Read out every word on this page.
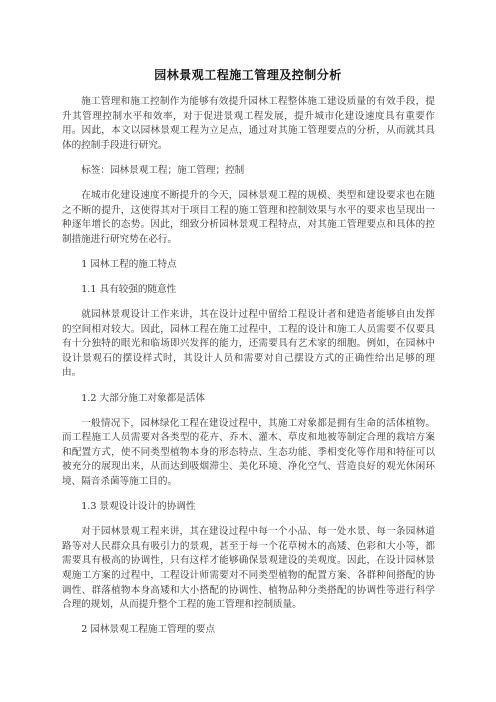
园林景观工程施工管理及控制分析

施工管理和施工控制作为能够有效提升园林工程整体施工建设质量的有效手段，提升其管理控制水平和效率，对于促进景观工程发展，提升城市化建设速度具有重要作用。因此，本文以园林景观工程为立足点，通过对其施工管理要点的分析，从而就其具体的控制手段进行研究。

标签：园林景观工程；施工管理；控制

在城市化建设速度不断提升的今天，园林景观工程的规模、类型和建设要求也在随之不断的提升，这使得其对于项目工程的施工管理和控制效果与水平的要求也呈现出一种逐年增长的态势。因此，细致分析园林景观工程特点，对其施工管理要点和具体的控制措施进行研究势在必行。

1 园林工程的施工特点

1.1 具有较强的随意性

就园林景观设计工作来讲，其在设计过程中留给工程设计者和建造者能够自由发挥的空间相对较大。因此，园林工程在施工过程中，工程的设计和施工人员需要不仅要具有十分独特的眼光和临场即兴发挥的能力，还需要具有艺术家的细胞。例如，在园林中设计景观石的摆设样式时，其设计人员和需要对自己摆设方式的正确性给出足够的理由。

1.2 大部分施工对象都是活体

一般情况下，园林绿化工程在建设过程中，其施工对象都是拥有生命的活体植物。而工程施工人员需要对各类型的花卉、乔木、灌木、草皮和地被等制定合理的栽培方案和配置方式，使不同类型植物本身的形态特点、生态功能、季相变化等作用和特征可以被充分的展现出来，从而达到吸烟滞尘、美化环境、净化空气、营造良好的观光休闲环境、隔音杀菌等施工目的。

1.3 景观设计设计的协调性

对于园林景观工程来讲，其在建设过程中每一个小品、每一处水景、每一条园林道路等对人民群众具有吸引力的景观，甚至于每一个花草树木的高矮、色彩和大小等，都需要具有极高的协调性，只有这样才能够确保景观建设的美观度。因此，在设计园林景观施工方案的过程中，工程设计师需要对不同类型植物的配置方案、各群种间搭配的协调性、群落植物本身高矮和大小搭配的协调性、植物品种分类搭配的协调性等进行科学合理的规划，从而提升整个工程的施工管理和控制质量。

2 园林景观工程施工管理的要点
